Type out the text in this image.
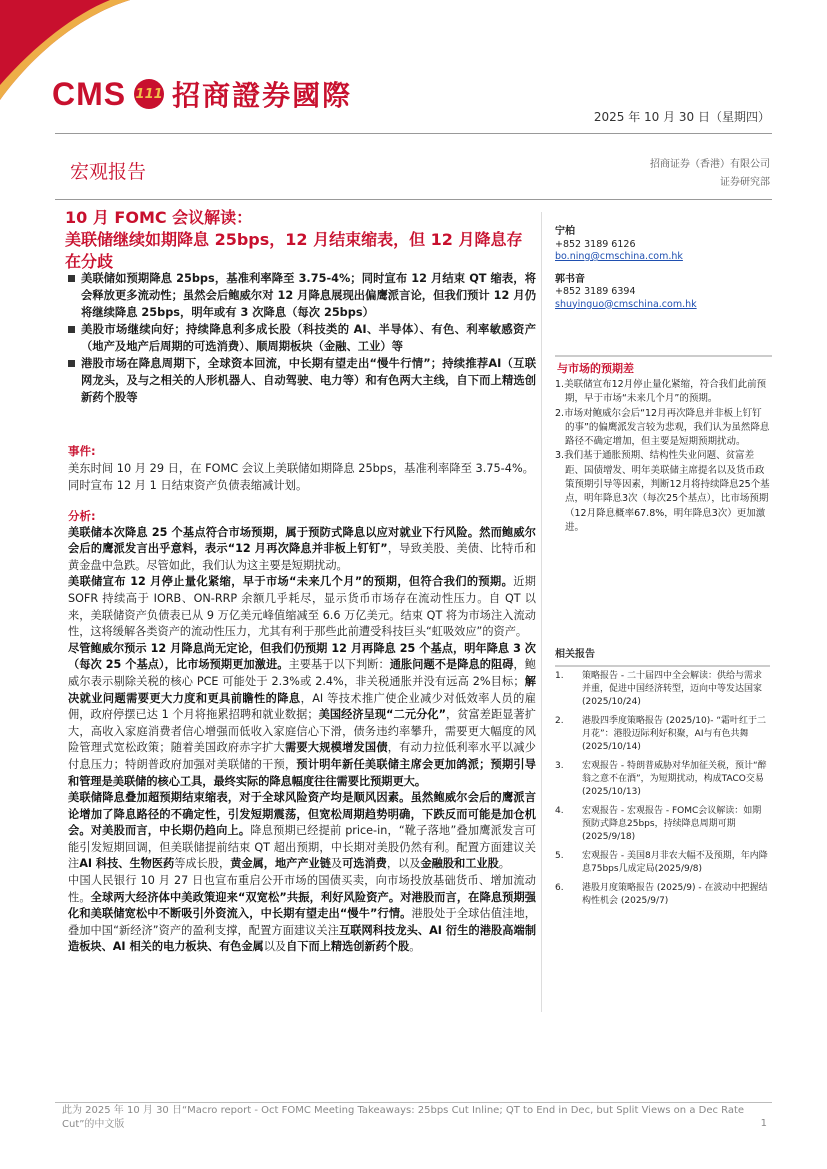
CMS 111 招商證券國際
2025 年 10 月 30 日（星期四）
宏观报告	招商证券（香港）有限公司
证券研究部
10 月 FOMC 会议解读：
美联储继续如期降息 25bps，12 月结束缩表，但 12 月降息存在分歧
美联储如预期降息 25bps，基准利率降至 3.75-4%；同时宣布 12 月结束 QT 缩表，将会释放更多流动性；虽然会后鲍威尔对 12 月降息展现出偏鹰派言论，但我们预计 12 月仍将继续降息 25bps，明年或有 3 次降息（每次 25bps）
美股市场继续向好；持续降息利多成长股（科技类的 AI、半导体）、有色、利率敏感资产（地产及地产后周期的可选消费）、顺周期板块（金融、工业）等
港股市场在降息周期下，全球资本回流，中长期有望走出“慢牛行情”；持续推荐AI（互联网龙头，及与之相关的人形机器人、自动驾驶、电力等）和有色两大主线，自下而上精选创新药个股等
事件:
美东时间 10 月 29 日，在 FOMC 会议上美联储如期降息 25bps，基准利率降至 3.75-4%。同时宣布 12 月 1 日结束资产负债表缩减计划。
分析:

美联储本次降息 25 个基点符合市场预期，属于预防式降息以应对就业下行风险。然而鲍威尔会后的鹰派发言出乎意料，表示“12 月再次降息并非板上钉钉”，导致美股、美债、比特币和黄金盘中急跌。尽管如此，我们认为这主要是短期扰动。

美联储宣布 12 月停止量化紧缩，早于市场“未来几个月”的预期，但符合我们的预期。近期 SOFR 持续高于 IORB、ON-RRP 余额几乎耗尽，显示货币市场存在流动性压力。自 QT 以来，美联储资产负债表已从 9 万亿美元峰值缩减至 6.6 万亿美元。结束 QT 将为市场注入流动性，这将缓解各类资产的流动性压力，尤其有利于那些此前遭受科技巨头“虹吸效应”的资产。

尽管鲍威尔预示 12 月降息尚无定论，但我们仍预期 12 月再降息 25 个基点，明年降息 3 次（每次 25 个基点），比市场预期更加激进。主要基于以下判断：通胀问题不是降息的阻碍，鲍威尔表示剔除关税的核心 PCE 可能处于 2.3%或 2.4%，非关税通胀并没有远高 2%目标；解决就业问题需要更大力度和更具前瞻性的降息，AI 等技术推广使企业减少对低效率人员的雇佣，政府停摆已达 1 个月将拖累招聘和就业数据；美国经济呈现“二元分化”，贫富差距显著扩大，高收入家庭消费者信心增强而低收入家庭信心下滑，债务违约率攀升，需要更大幅度的风险管理式宽松政策；随着美国政府赤字扩大需要大规模增发国债，有动力拉低利率水平以减少付息压力；特朗普政府加强对美联储的干预，预计明年新任美联储主席会更加鸽派；预期引导和管理是美联储的核心工具，最终实际的降息幅度往往需要比预期更大。

美联储降息叠加超预期结束缩表，对于全球风险资产均是顺风因素。虽然鲍威尔会后的鹰派言论增加了降息路径的不确定性，引发短期震荡，但宽松周期趋势明确，下跌反而可能是加仓机会。对美股而言，中长期仍趋向上。降息预期已经提前 price-in，“靴子落地”叠加鹰派发言可能引发短期回调，但美联储提前结束 QT 超出预期，中长期对美股仍然有利。配置方面建议关注AI 科技、生物医药等成长股，黄金属，地产产业链及可选消费，以及金融股和工业股。

中国人民银行 10 月 27 日也宣布重启公开市场的国债买卖，向市场投放基础货币、增加流动性。全球两大经济体中美政策迎来“双宽松”共振，利好风险资产。对港股而言，在降息预期强化和美联储宽松中不断吸引外资流入，中长期有望走出“慢牛”行情。港股处于全球估值洼地，叠加中国“新经济”资产的盈利支撑，配置方面建议关注互联网科技龙头、AI 衍生的港股高端制造板块、AI 相关的电力板块、有色金属以及自下而上精选创新药个股。

宁柏
+852 3189 6126
bo.ning@cmschina.com.hk
郭书音
+852 3189 6394
shuyinguo@cmschina.com.hk
与市场的预期差
1.美联储宣布12月停止量化紧缩，符合我们此前预期，早于市场“未来几个月”的预期。
2.市场对鲍威尔会后“12月再次降息并非板上钉钉的事”的偏鹰派发言较为悲观，我们认为虽然降息路径不确定增加，但主要是短期预期扰动。
3.我们基于通胀预期、结构性失业问题、贫富差距、国债增发、明年美联储主席提名以及货币政策预期引导等因素，判断12月将持续降息25个基点，明年降息3次（每次25个基点），比市场预期（12月降息概率67.8%，明年降息3次）更加激进。
相关报告
1.	策略报告 - 二十届四中全会解读：供给与需求并重，促进中国经济转型，迈向中等发达国家 (2025/10/24)
2.	港股四季度策略报告 (2025/10)- “霜叶红于二月花”：港股迈际利好积聚，AI与有色共舞 (2025/10/14)
3.	宏观报告 - 特朗普威胁对华加征关税，预计“醉翁之意不在酒”，为短期扰动，构成TACO交易 (2025/10/13)
4.	宏观报告 - 宏观报告 - FOMC会议解读：如期预防式降息25bps，持续降息周期可期 (2025/9/18)
5.	宏观报告 - 美国8月非农大幅不及预期，年内降息75bps几成定局(2025/9/8)
6.	港股月度策略报告 (2025/9) - 在波动中把握结构性机会 (2025/9/7)
此为 2025 年 10 月 30 日“Macro report - Oct FOMC Meeting Takeaways: 25bps Cut Inline; QT to End in Dec, but Split Views on a Dec Rate Cut”的中文版	1
